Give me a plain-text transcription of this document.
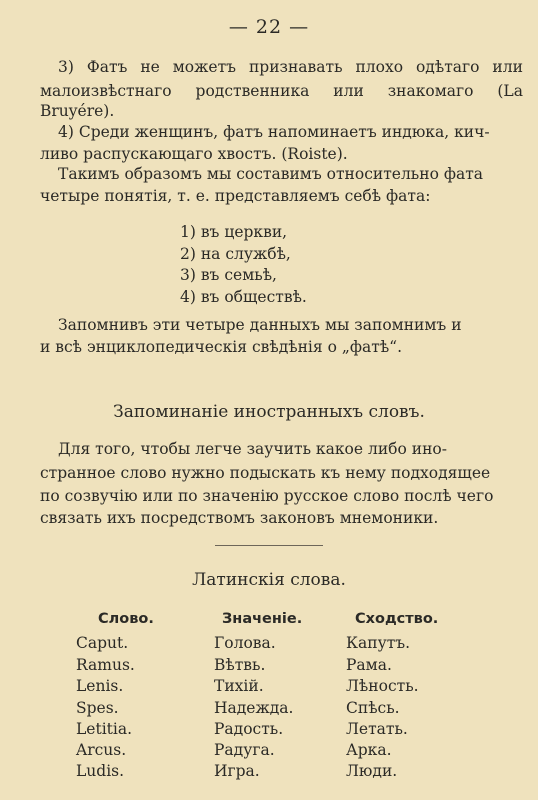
— 22 —
3) Фатъ не можетъ признавать плохо одѣтаго или
малоизвѣстнаго родственника или знакомаго (La
Bruyére).
4) Среди женщинъ, фатъ напоминаетъ индюка, кич-
ливо распускающаго хвостъ. (Roiste).
Такимъ образомъ мы составимъ относительно фата
четыре понятія, т. е. представляемъ себѣ фата:
1) въ церкви,
2) на службѣ,
3) въ семьѣ,
4) въ обществѣ.
Запомнивъ эти четыре данныхъ мы запомнимъ и
и всѣ энциклопедическія свѣдѣнія о „фатѣ“.
Запоминаніе иностранныхъ словъ.
Для того, чтобы легче заучить какое либо ино-
странное слово нужно подыскать къ нему подходящее
по созвучію или по значенію русское слово послѣ чего
связать ихъ посредствомъ законовъ мнемоники.
Латинскія слова.
Слово.	Значеніе.	Сходство.
Caput.	Голова.	Капутъ.
Ramus.	Вѣтвь.	Рама.
Lenis.	Тихій.	Лѣность.
Spes.	Надежда.	Спѣсь.
Letitia.	Радость.	Летать.
Arcus.	Радуга.	Арка.
Ludis.	Игра.	Люди.
